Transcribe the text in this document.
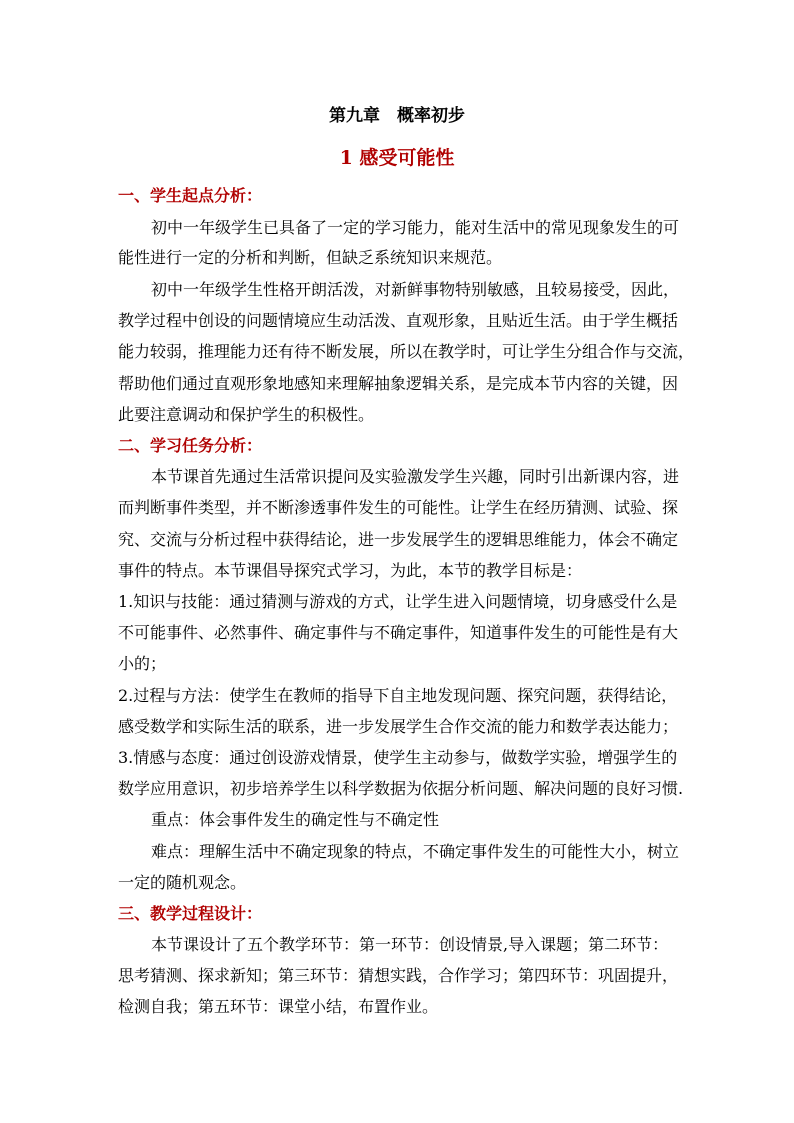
第九章　概率初步
1 感受可能性
一、学生起点分析：
初中一年级学生已具备了一定的学习能力，能对生活中的常见现象发生的可
能性进行一定的分析和判断，但缺乏系统知识来规范。
初中一年级学生性格开朗活泼，对新鲜事物特别敏感，且较易接受，因此，
教学过程中创设的问题情境应生动活泼、直观形象，且贴近生活。由于学生概括
能力较弱，推理能力还有待不断发展，所以在教学时，可让学生分组合作与交流，
帮助他们通过直观形象地感知来理解抽象逻辑关系，是完成本节内容的关键，因
此要注意调动和保护学生的积极性。
二、学习任务分析：
本节课首先通过生活常识提问及实验激发学生兴趣，同时引出新课内容，进
而判断事件类型，并不断渗透事件发生的可能性。让学生在经历猜测、试验、探
究、交流与分析过程中获得结论，进一步发展学生的逻辑思维能力，体会不确定
事件的特点。本节课倡导探究式学习，为此，本节的教学目标是：
1.知识与技能：通过猜测与游戏的方式，让学生进入问题情境，切身感受什么是
不可能事件、必然事件、确定事件与不确定事件，知道事件发生的可能性是有大
小的；
2.过程与方法：使学生在教师的指导下自主地发现问题、探究问题，获得结论，
感受数学和实际生活的联系，进一步发展学生合作交流的能力和数学表达能力；
3.情感与态度：通过创设游戏情景，使学生主动参与，做数学实验，增强学生的
数学应用意识，初步培养学生以科学数据为依据分析问题、解决问题的良好习惯.
重点：体会事件发生的确定性与不确定性
难点：理解生活中不确定现象的特点，不确定事件发生的可能性大小，树立
一定的随机观念。
三、教学过程设计：
本节课设计了五个教学环节：第一环节：创设情景,导入课题；第二环节：
思考猜测、探求新知；第三环节：猜想实践，合作学习；第四环节：巩固提升，
检测自我；第五环节：课堂小结，布置作业。
